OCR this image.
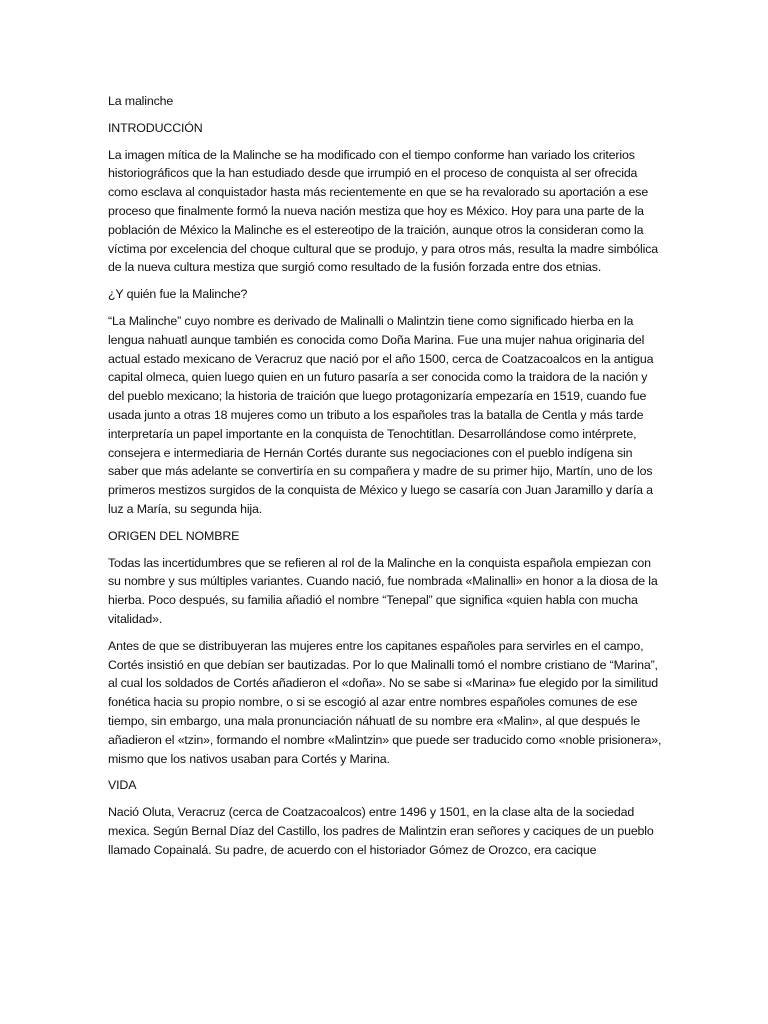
La malinche

INTRODUCCIÓN

La imagen mítica de la Malinche se ha modificado con el tiempo conforme han variado los criterios historiográficos que la han estudiado desde que irrumpió en el proceso de conquista al ser ofrecida como esclava al conquistador hasta más recientemente en que se ha revalorado su aportación a ese proceso que finalmente formó la nueva nación mestiza que hoy es México. Hoy para una parte de la población de México la Malinche es el estereotipo de la traición, aunque otros la consideran como la víctima por excelencia del choque cultural que se produjo, y para otros más, resulta la madre simbólica de la nueva cultura mestiza que surgió como resultado de la fusión forzada entre dos etnias.

¿Y quién fue la Malinche?

“La Malinche” cuyo nombre es derivado de Malinalli o Malintzin tiene como significado hierba en la lengua nahuatl aunque también es conocida como Doña Marina. Fue una mujer nahua originaria del actual estado mexicano de Veracruz que nació por el año 1500, cerca de Coatzacoalcos en la antigua capital olmeca, quien luego quien en un futuro pasaría a ser conocida como la traidora de la nación y del pueblo mexicano; la historia de traición que luego protagonizaría empezaría en 1519, cuando fue usada junto a otras 18 mujeres como un tributo a los españoles tras la batalla de Centla y más tarde interpretaría un papel importante en la conquista de Tenochtitlan. Desarrollándose como intérprete, consejera e intermediaria de Hernán Cortés durante sus negociaciones con el pueblo indígena sin saber que más adelante se convertiría en su compañera y madre de su primer hijo, Martín, uno de los primeros mestizos surgidos de la conquista de México y luego se casaría con Juan Jaramillo y daría a luz a María, su segunda hija.

ORIGEN DEL NOMBRE

Todas las incertidumbres que se refieren al rol de la Malinche en la conquista española empiezan con su nombre y sus múltiples variantes. Cuando nació, fue nombrada «Malinalli» en honor a la diosa de la hierba. Poco después, su familia añadió el nombre “Tenepal” que significa «quien habla con mucha vitalidad».

Antes de que se distribuyeran las mujeres entre los capitanes españoles para servirles en el campo, Cortés insistió en que debían ser bautizadas. Por lo que Malinalli tomó el nombre cristiano de “Marina”, al cual los soldados de Cortés añadieron el «doña». No se sabe si «Marina» fue elegido por la similitud fonética hacia su propio nombre, o si se escogió al azar entre nombres españoles comunes de ese tiempo, sin embargo, una mala pronunciación náhuatl de su nombre era «Malin», al que después le añadieron el «tzin», formando el nombre «Malintzin» que puede ser traducido como «noble prisionera», mismo que los nativos usaban para Cortés y Marina.

VIDA

Nació Oluta, Veracruz (cerca de Coatzacoalcos) entre 1496 y 1501, en la clase alta de la sociedad mexica. Según Bernal Díaz del Castillo, los padres de Malintzin eran señores y caciques de un pueblo llamado Copainalá. Su padre, de acuerdo con el historiador Gómez de Orozco, era cacique
